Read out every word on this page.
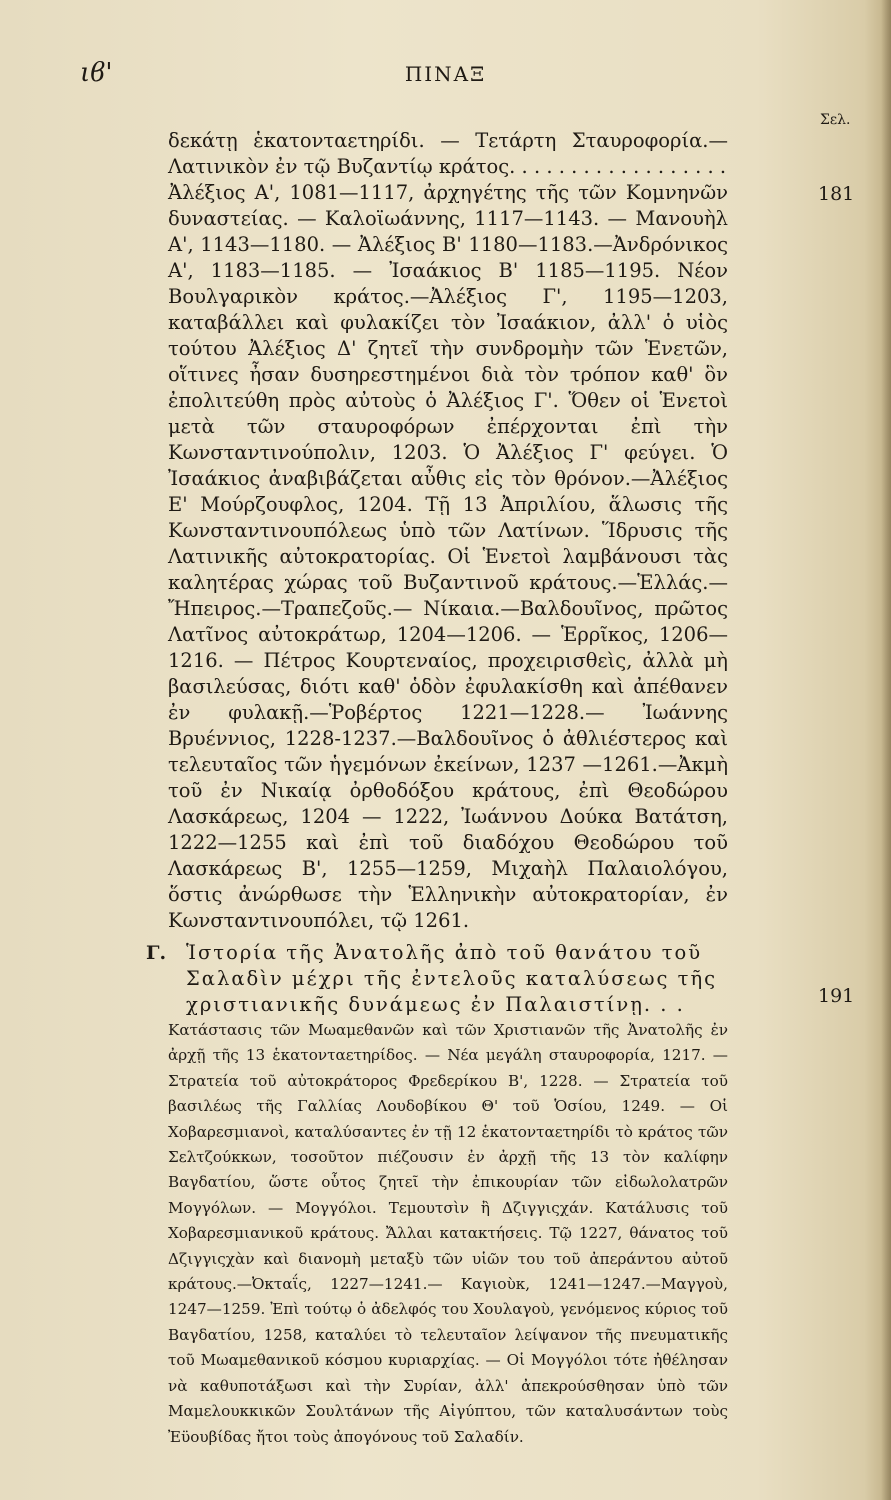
ιϐ'	ΠΙΝΑΞ
Σελ.
181
191

δεκάτῃ ἑκατονταετηρίδι. — Τετάρτη Σταυροφορία.—Λατινικὸν ἐν τῷ Βυζαντίῳ κράτος. . . . . . . . . . . . . . . . . .

Ἀλέξιος Α', 1081—1117, ἀρχηγέτης τῆς τῶν Κομνηνῶν δυναστείας. — Καλοϊωάννης, 1117—1143. — Μανουὴλ Α', 1143—1180. — Ἀλέξιος Β' 1180—1183.—Ἀνδρόνικος Α', 1183—1185. — Ἰσαάκιος Β' 1185—1195. Νέον Βουλγαρικὸν κράτος.—Ἀλέξιος Γ', 1195—1203, καταβάλλει καὶ φυλακίζει τὸν Ἰσαάκιον, ἀλλ' ὁ υἱὸς τούτου Ἀλέξιος Δ' ζητεῖ τὴν συνδρομὴν τῶν Ἑνετῶν, οἵτινες ἦσαν δυσηρεστημένοι διὰ τὸν τρόπον καθ' ὃν ἐπολιτεύθη πρὸς αὐτοὺς ὁ Ἀλέξιος Γ'. Ὅθεν οἱ Ἑνετοὶ μετὰ τῶν σταυροφόρων ἐπέρχονται ἐπὶ τὴν Κωνσταντινούπολιν, 1203. Ὁ Ἀλέξιος Γ' φεύγει. Ὁ Ἰσαάκιος ἀναβιβάζεται αὖθις εἰς τὸν θρόνον.—Ἀλέξιος Ε' Μούρζουφλος, 1204. Τῇ 13 Ἀπριλίου, ἅλωσις τῆς Κωνσταντινουπόλεως ὑπὸ τῶν Λατίνων. Ἵδρυσις τῆς Λατινικῆς αὐτοκρατορίας. Οἱ Ἑνετοὶ λαμβάνουσι τὰς καλητέρας χώρας τοῦ Βυζαντινοῦ κράτους.—Ἑλλάς.—Ἤπειρος.—Τραπεζοῦς.— Νίκαια.—Βαλδουῖνος, πρῶτος Λατῖνος αὐτοκράτωρ, 1204—1206. — Ἑρρῖκος, 1206—1216. — Πέτρος Κουρτεναίος, προχειρισθεὶς, ἀλλὰ μὴ βασιλεύσας, διότι καθ' ὁδὸν ἐφυλακίσθη καὶ ἀπέθανεν ἐν φυλακῇ.—Ῥοβέρτος 1221—1228.— Ἰωάννης Βρυέννιος, 1228-1237.—Βαλδουῖνος ὁ ἀθλιέστερος καὶ τελευταῖος τῶν ἡγεμόνων ἐκείνων, 1237 —1261.—Ἀκμὴ τοῦ ἐν Νικαίᾳ ὀρθοδόξου κράτους, ἐπὶ Θεοδώρου Λασκάρεως, 1204 — 1222, Ἰωάννου Δούκα Βατάτση, 1222—1255 καὶ ἐπὶ τοῦ διαδόχου Θεοδώρου τοῦ Λασκάρεως Β', 1255—1259, Μιχαὴλ Παλαιολόγου, ὅστις ἀνώρθωσε τὴν Ἑλληνικὴν αὐτοκρατορίαν, ἐν Κωνσταντινουπόλει, τῷ 1261.

Γ.	Ἱστορία τῆς Ἀνατολῆς ἀπὸ τοῦ θανάτου τοῦ Σαλαδὶν μέχρι τῆς ἐντελοῦς καταλύσεως τῆς χριστιανικῆς δυνάμεως ἐν Παλαιστίνῃ. . .

Κατάστασις τῶν Μωαμεθανῶν καὶ τῶν Χριστιανῶν τῆς Ἀνατολῆς ἐν ἀρχῇ τῆς 13 ἑκατονταετηρίδος. — Νέα μεγάλη σταυροφορία, 1217. — Στρατεία τοῦ αὐτοκράτορος Φρεδερίκου Β', 1228. — Στρατεία τοῦ βασιλέως τῆς Γαλλίας Λουδοβίκου Θ' τοῦ Ὁσίου, 1249. — Οἱ Χοβαρεσμιανοὶ, καταλύσαντες ἐν τῇ 12 ἑκατονταετηρίδι τὸ κράτος τῶν Σελτζούκκων, τοσοῦτον πιέζουσιν ἐν ἀρχῇ τῆς 13 τὸν καλίφην Βαγδατίου, ὥστε οὗτος ζητεῖ τὴν ἐπικουρίαν τῶν εἰδωλολατρῶν Μογγόλων. — Μογγόλοι. Τεμουτσὶν ἢ Δζιγγιςχάν. Κατάλυσις τοῦ Χοβαρεσμιανικοῦ κράτους. Ἄλλαι κατακτήσεις. Τῷ 1227, θάνατος τοῦ Δζιγγιςχὰν καὶ διανομὴ μεταξὺ τῶν υἱῶν του τοῦ ἀπεράντου αὐτοῦ κράτους.—Ὀκταΐς, 1227—1241.— Καγιοὺκ, 1241—1247.—Μαγγοὺ, 1247—1259. Ἐπὶ τούτῳ ὁ ἀδελφός του Χουλαγοὺ, γενόμενος κύριος τοῦ Βαγδατίου, 1258, καταλύει τὸ τελευταῖον λείψανον τῆς πνευματικῆς τοῦ Μωαμεθανικοῦ κόσμου κυριαρχίας. — Οἱ Μογγόλοι τότε ἠθέλησαν νὰ καθυποτάξωσι καὶ τὴν Συρίαν, ἀλλ' ἀπεκρούσθησαν ὑπὸ τῶν Μαμελουκκικῶν Σουλτάνων τῆς Αἰγύπτου, τῶν καταλυσάντων τοὺς Ἐϋουβίδας ἤτοι τοὺς ἀπογόνους τοῦ Σαλαδίν.
